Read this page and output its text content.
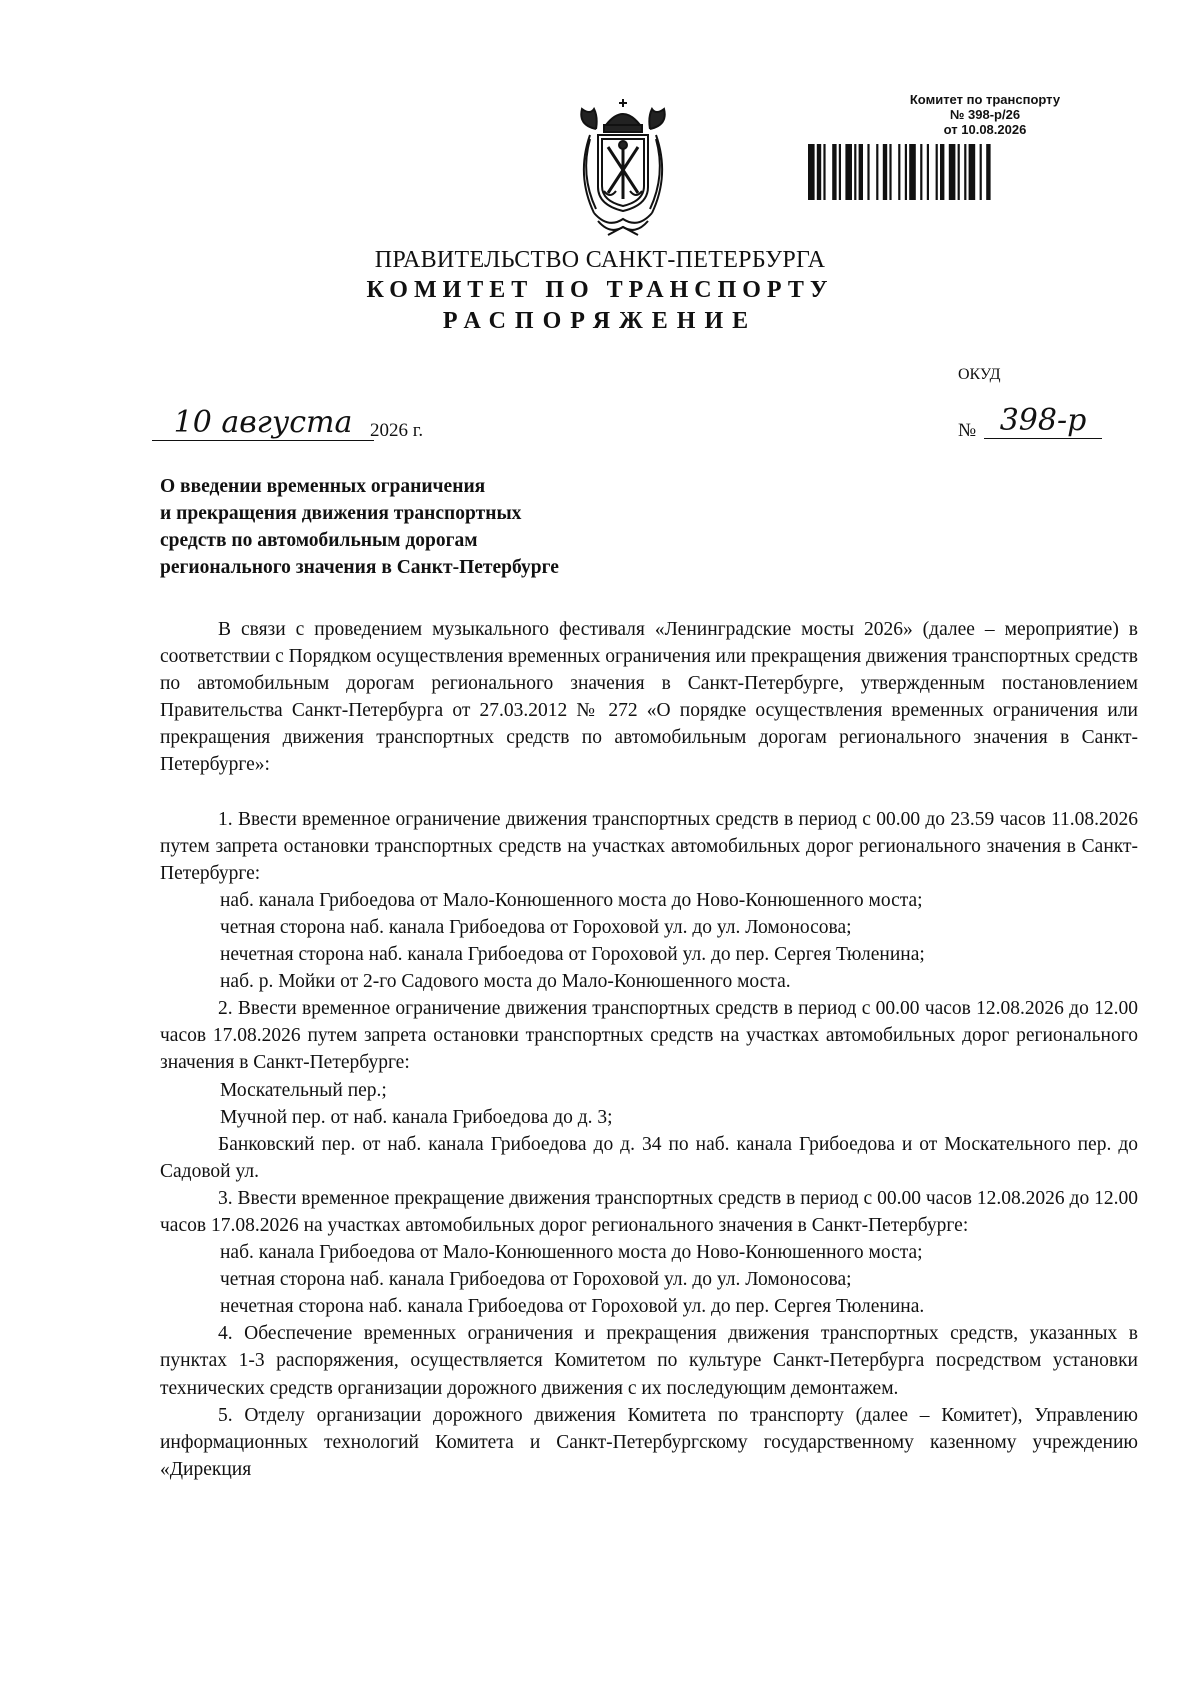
Комитет по транспорту
№ 398-р/26
от 10.08.2026
ПРАВИТЕЛЬСТВО САНКТ-ПЕТЕРБУРГА
КОМИТЕТ ПО ТРАНСПОРТУ
РАСПОРЯЖЕНИЕ
ОКУД
10 августа 2026 г.	№ 398-р
О введении временных ограничения
и прекращения движения транспортных
средств по автомобильным дорогам
регионального значения в Санкт-Петербурге

В связи с проведением музыкального фестиваля «Ленинградские мосты 2026» (далее – мероприятие) в соответствии с Порядком осуществления временных ограничения или прекращения движения транспортных средств по автомобильным дорогам регионального значения в Санкт-Петербурге, утвержденным постановлением Правительства Санкт-Петербурга от 27.03.2012 № 272 «О порядке осуществления временных ограничения или прекращения движения транспортных средств по автомобильным дорогам регионального значения в Санкт-Петербурге»:

1. Ввести временное ограничение движения транспортных средств в период с 00.00 до 23.59 часов 11.08.2026 путем запрета остановки транспортных средств на участках автомобильных дорог регионального значения в Санкт-Петербурге:

наб. канала Грибоедова от Мало-Конюшенного моста до Ново-Конюшенного моста;

четная сторона наб. канала Грибоедова от Гороховой ул. до ул. Ломоносова;

нечетная сторона наб. канала Грибоедова от Гороховой ул. до пер. Сергея Тюленина;

наб. р. Мойки от 2-го Садового моста до Мало-Конюшенного моста.

2. Ввести временное ограничение движения транспортных средств в период с 00.00 часов 12.08.2026 до 12.00 часов 17.08.2026 путем запрета остановки транспортных средств на участках автомобильных дорог регионального значения в Санкт-Петербурге:

Москательный пер.;

Мучной пер. от наб. канала Грибоедова до д. 3;

Банковский пер. от наб. канала Грибоедова до д. 34 по наб. канала Грибоедова и от Москательного пер. до Садовой ул.

3. Ввести временное прекращение движения транспортных средств в период с 00.00 часов 12.08.2026 до 12.00 часов 17.08.2026 на участках автомобильных дорог регионального значения в Санкт-Петербурге:

наб. канала Грибоедова от Мало-Конюшенного моста до Ново-Конюшенного моста;

четная сторона наб. канала Грибоедова от Гороховой ул. до ул. Ломоносова;

нечетная сторона наб. канала Грибоедова от Гороховой ул. до пер. Сергея Тюленина.

4. Обеспечение временных ограничения и прекращения движения транспортных средств, указанных в пунктах 1-3 распоряжения, осуществляется Комитетом по культуре Санкт-Петербурга посредством установки технических средств организации дорожного движения с их последующим демонтажем.

5. Отделу организации дорожного движения Комитета по транспорту (далее – Комитет), Управлению информационных технологий Комитета и Санкт-Петербургскому государственному казенному учреждению «Дирекция
